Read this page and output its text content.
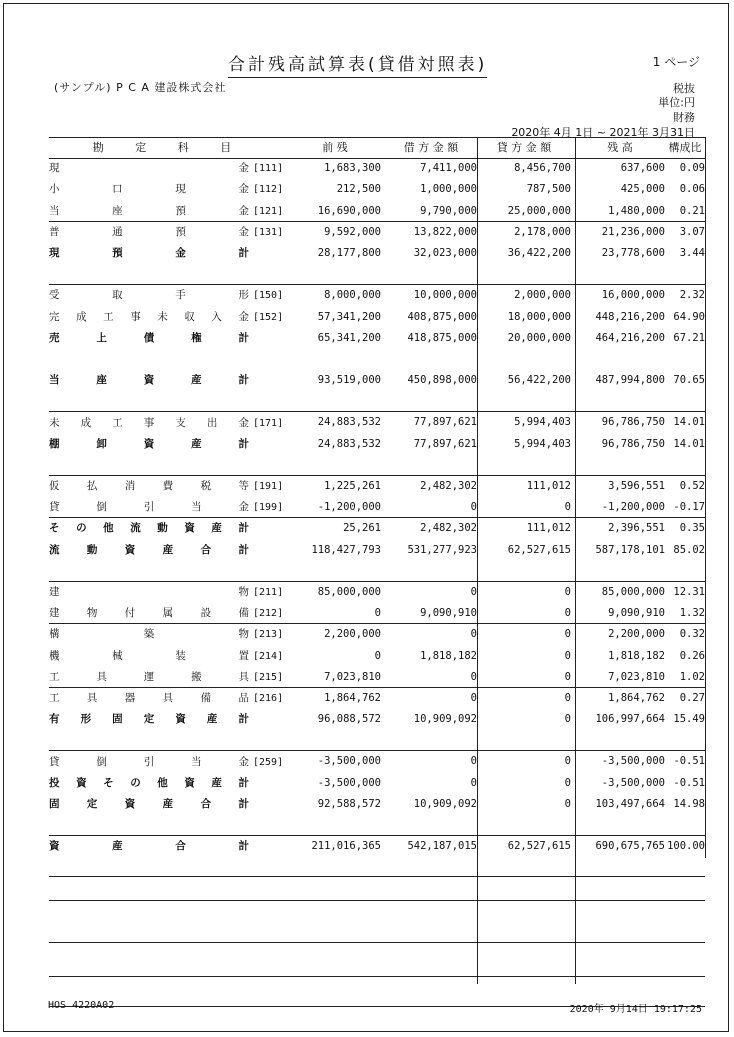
合計残高試算表(貸借対照表)	1 ページ
(サンプル) P C A 建設株式会社	税抜
単位:円
財務
2020年 4月 1日 ~ 2021年 3月31日
勘 定 科 目	前 残	借 方 金 額	貸 方 金 額	残 高	構成比
現	金 [111]	1,683,300	7,411,000	8,456,700	637,600	0.09
小	口	現	金 [112]	212,500	1,000,000	787,500	425,000	0.06
当	座	預	金 [121]	16,690,000	9,790,000	25,000,000	1,480,000	0.21
普	通	預	金 [131]	9,592,000	13,822,000	2,178,000	21,236,000	3.07
現	預	金	計	28,177,800	32,023,000	36,422,200	23,778,600	3.44
受	取	手	形 [150]	8,000,000	10,000,000	2,000,000	16,000,000	2.32
完 成 工 事 未 収 入 金 [152]	57,341,200	408,875,000	18,000,000	448,216,200 64.90
売	上	債	権	計	65,341,200	418,875,000	20,000,000	464,216,200 67.21
当	座	資	産	計	93,519,000	450,898,000	56,422,200	487,994,800 70.65
未 成 工 事 支 出 金 [171]	24,883,532	77,897,621	5,994,403	96,786,750 14.01
棚	卸	資	産	計	24,883,532	77,897,621	5,994,403	96,786,750 14.01
仮	払	消	費	税	等 [191]	1,225,261	2,482,302	111,012	3,596,551	0.52
貸	倒	引	当	金 [199]	-1,200,000	0	0	-1,200,000 -0.17
そ の 他 流 動 資 産 計	25,261	2,482,302	111,012	2,396,551	0.35
流	動	資	産	合	計	118,427,793	531,277,923	62,527,615	587,178,101 85.02
建	物 [211]	85,000,000	0	0	85,000,000 12.31
建	物	付	属	設	備 [212]	0	9,090,910	0	9,090,910	1.32
構	築	物 [213]	2,200,000	0	0	2,200,000	0.32
機	械	装	置 [214]	0	1,818,182	0	1,818,182	0.26
工	具	運	搬	具 [215]	7,023,810	0	0	7,023,810	1.02
工	具	器	具	備	品 [216]	1,864,762	0	0	1,864,762	0.27
有 形 固 定 資 産 計	96,088,572	10,909,092	0	106,997,664 15.49
貸	倒	引	当	金 [259]	-3,500,000	0	0	-3,500,000 -0.51
投 資 そ の 他 資 産 計	-3,500,000	0	0	-3,500,000 -0.51
固	定	資	産	合	計	92,588,572	10,909,092	0	103,497,664 14.98
資	産	合	計	211,016,365	542,187,015	62,527,615	690,675,765 100.00
HOS 4220A02	2020年 9月14日 19:17:25
